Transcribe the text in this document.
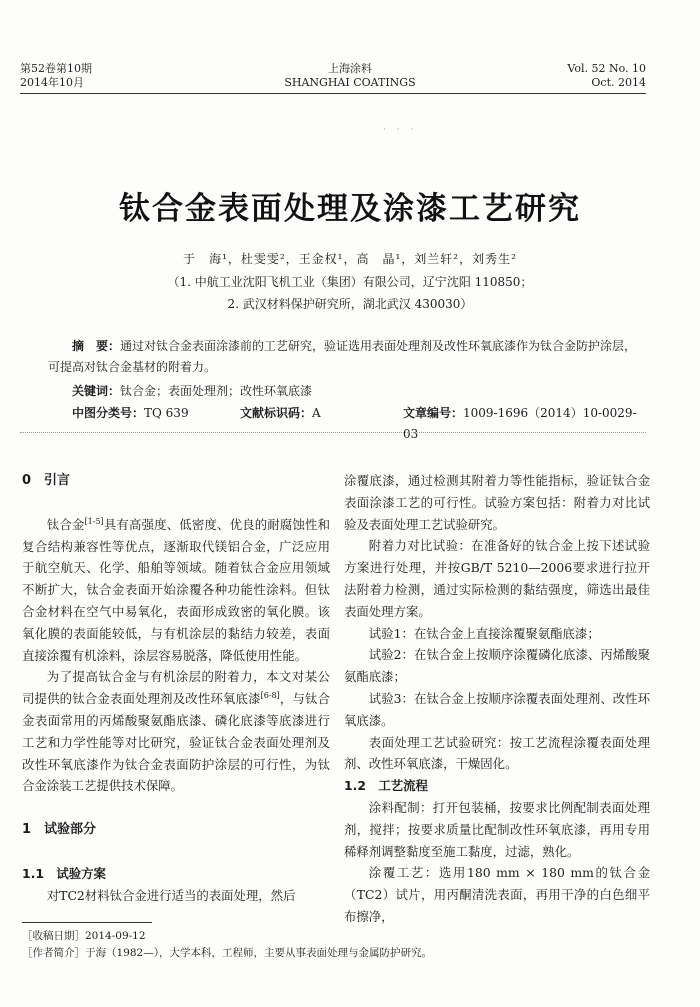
第52卷第10期
2014年10月
上海涂料
SHANGHAI COATINGS
Vol. 52 No. 10
Oct. 2014
· · ·
钛合金表面处理及涂漆工艺研究
于　海¹，杜雯雯²，王金权¹，高　晶¹，刘兰轩²，刘秀生²
（1. 中航工业沈阳飞机工业（集团）有限公司，辽宁沈阳 110850；
2. 武汉材料保护研究所，湖北武汉 430030）
摘　要：通过对钛合金表面涂漆前的工艺研究，验证选用表面处理剂及改性环氧底漆作为钛合金防护涂层，可提高对钛合金基材的附着力。
关键词：钛合金；表面处理剂；改性环氧底漆
中图分类号：TQ 639	文献标识码：A	文章编号：1009-1696（2014）10-0029-03

0　引言

钛合金[1-5]具有高强度、低密度、优良的耐腐蚀性和复合结构兼容性等优点，逐渐取代镁铝合金，广泛应用于航空航天、化学、船舶等领域。随着钛合金应用领域不断扩大，钛合金表面开始涂覆各种功能性涂料。但钛合金材料在空气中易氧化，表面形成致密的氧化膜。该氧化膜的表面能较低，与有机涂层的黏结力较差，表面直接涂覆有机涂料，涂层容易脱落，降低使用性能。

为了提高钛合金与有机涂层的附着力，本文对某公司提供的钛合金表面处理剂及改性环氧底漆[6-8]，与钛合金表面常用的丙烯酸聚氨酯底漆、磷化底漆等底漆进行工艺和力学性能等对比研究，验证钛合金表面处理剂及改性环氧底漆作为钛合金表面防护涂层的可行性，为钛合金涂装工艺提供技术保障。

1　试验部分

1.1　试验方案

对TC2材料钛合金进行适当的表面处理，然后

涂覆底漆，通过检测其附着力等性能指标，验证钛合金表面涂漆工艺的可行性。试验方案包括：附着力对比试验及表面处理工艺试验研究。

附着力对比试验：在准备好的钛合金上按下述试验方案进行处理，并按GB/T 5210—2006要求进行拉开法附着力检测，通过实际检测的黏结强度，筛选出最佳表面处理方案。

试验1：在钛合金上直接涂覆聚氨酯底漆；

试验2：在钛合金上按顺序涂覆磷化底漆、丙烯酸聚氨酯底漆；

试验3：在钛合金上按顺序涂覆表面处理剂、改性环氧底漆。

表面处理工艺试验研究：按工艺流程涂覆表面处理剂、改性环氧底漆，干燥固化。

1.2　工艺流程

涂料配制：打开包装桶，按要求比例配制表面处理剂，搅拌；按要求质量比配制改性环氧底漆，再用专用稀释剂调整黏度至施工黏度，过滤，熟化。

涂覆工艺：选用180 mm × 180 mm的钛合金（TC2）试片，用丙酮清洗表面，再用干净的白色细平布擦净，

［收稿日期］2014-09-12
［作者简介］于海（1982—），大学本科，工程师，主要从事表面处理与金属防护研究。
